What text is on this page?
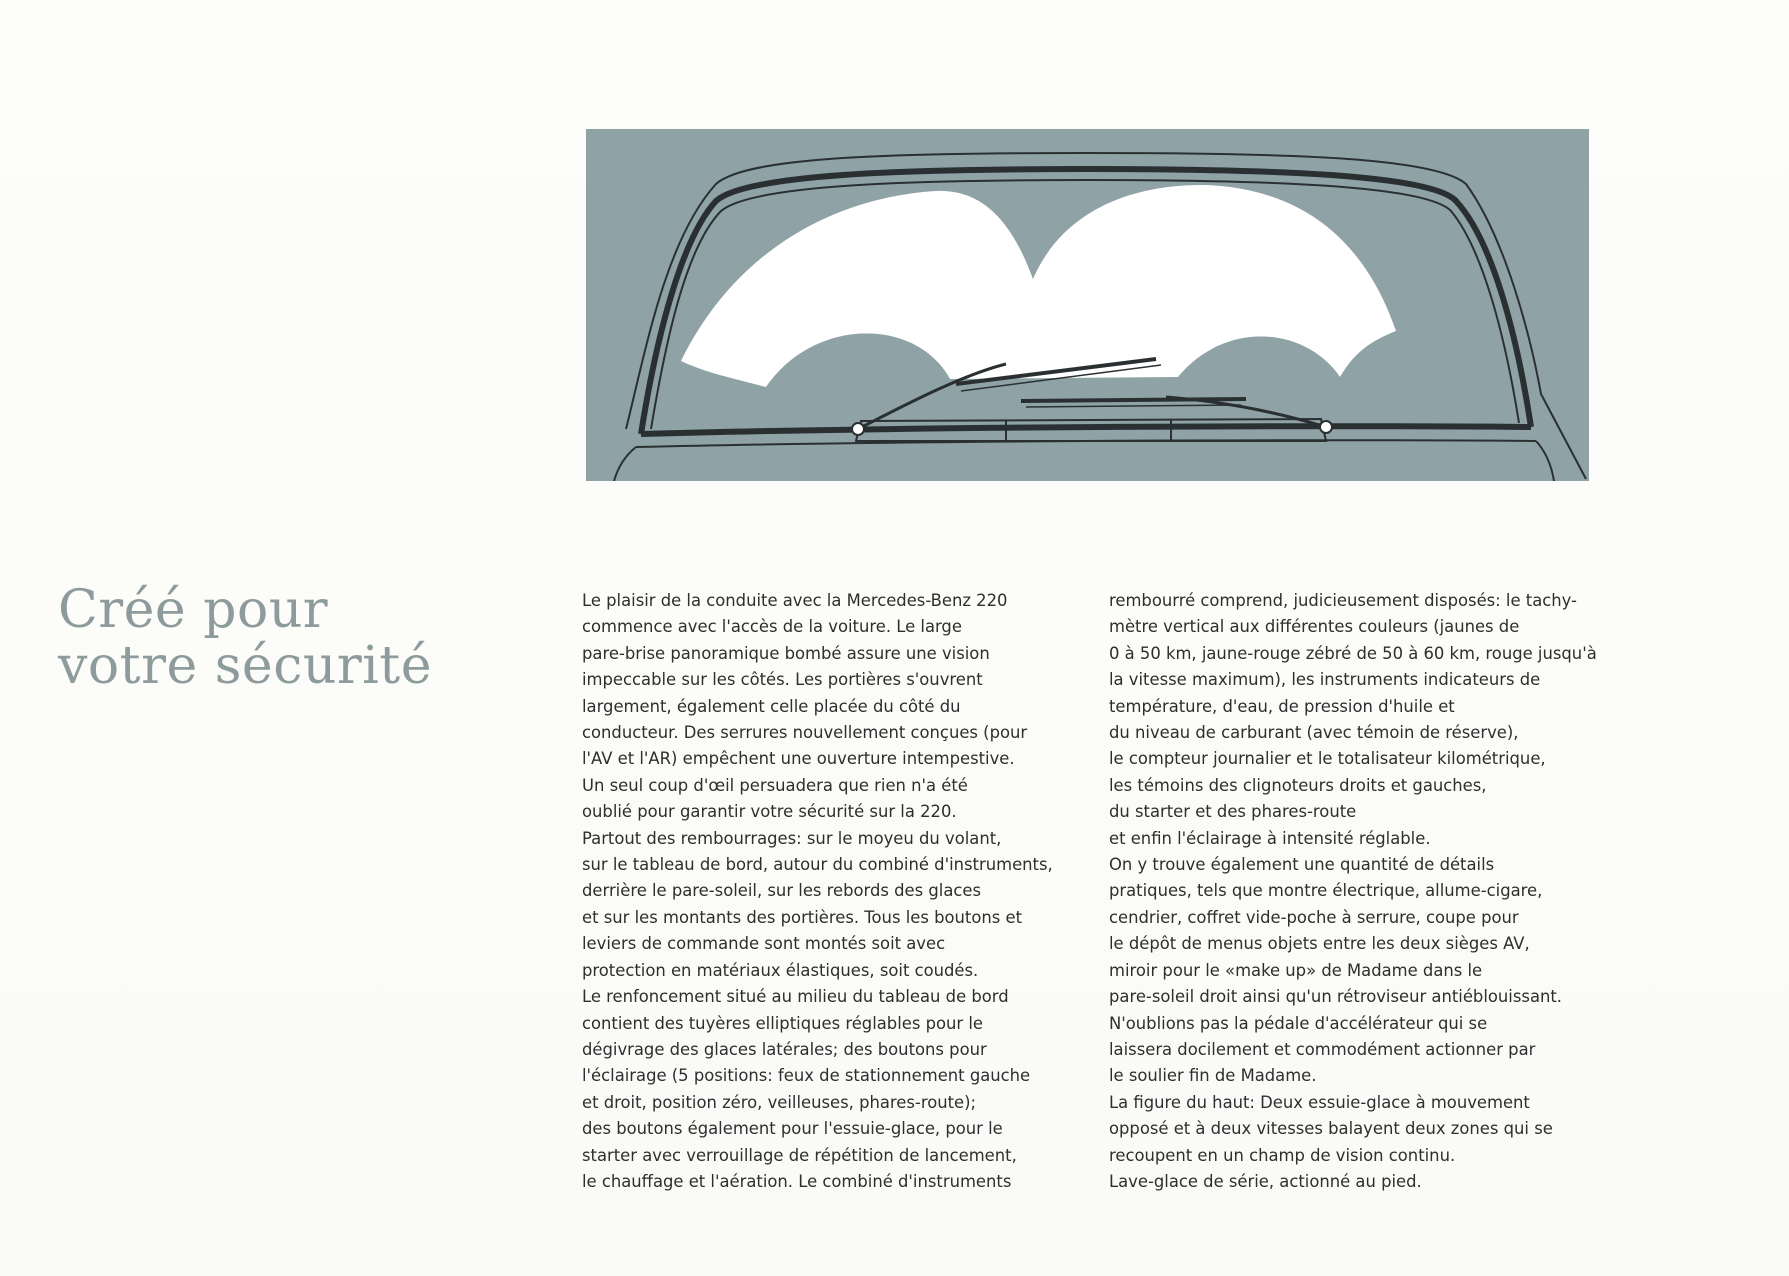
Créé pour
votre sécurité
Le plaisir de la conduite avec la Mercedes-Benz 220
commence avec l'accès de la voiture. Le large
pare-brise panoramique bombé assure une vision
impeccable sur les côtés. Les portières s'ouvrent
largement, également celle placée du côté du
conducteur. Des serrures nouvellement conçues (pour
l'AV et l'AR) empêchent une ouverture intempestive.
Un seul coup d'œil persuadera que rien n'a été
oublié pour garantir votre sécurité sur la 220.
Partout des rembourrages: sur le moyeu du volant,
sur le tableau de bord, autour du combiné d'instruments,
derrière le pare-soleil, sur les rebords des glaces
et sur les montants des portières. Tous les boutons et
leviers de commande sont montés soit avec
protection en matériaux élastiques, soit coudés.
Le renfoncement situé au milieu du tableau de bord
contient des tuyères elliptiques réglables pour le
dégivrage des glaces latérales; des boutons pour
l'éclairage (5 positions: feux de stationnement gauche
et droit, position zéro, veilleuses, phares-route);
des boutons également pour l'essuie-glace, pour le
starter avec verrouillage de répétition de lancement,
le chauffage et l'aération. Le combiné d'instruments
rembourré comprend, judicieusement disposés: le tachy-
mètre vertical aux différentes couleurs (jaunes de
0 à 50 km, jaune-rouge zébré de 50 à 60 km, rouge jusqu'à
la vitesse maximum), les instruments indicateurs de
température, d'eau, de pression d'huile et
du niveau de carburant (avec témoin de réserve),
le compteur journalier et le totalisateur kilométrique,
les témoins des clignoteurs droits et gauches,
du starter et des phares-route
et enfin l'éclairage à intensité réglable.
On y trouve également une quantité de détails
pratiques, tels que montre électrique, allume-cigare,
cendrier, coffret vide-poche à serrure, coupe pour
le dépôt de menus objets entre les deux sièges AV,
miroir pour le «make up» de Madame dans le
pare-soleil droit ainsi qu'un rétroviseur antiéblouissant.
N'oublions pas la pédale d'accélérateur qui se
laissera docilement et commodément actionner par
le soulier fin de Madame.
La figure du haut: Deux essuie-glace à mouvement
opposé et à deux vitesses balayent deux zones qui se
recoupent en un champ de vision continu.
Lave-glace de série, actionné au pied.
